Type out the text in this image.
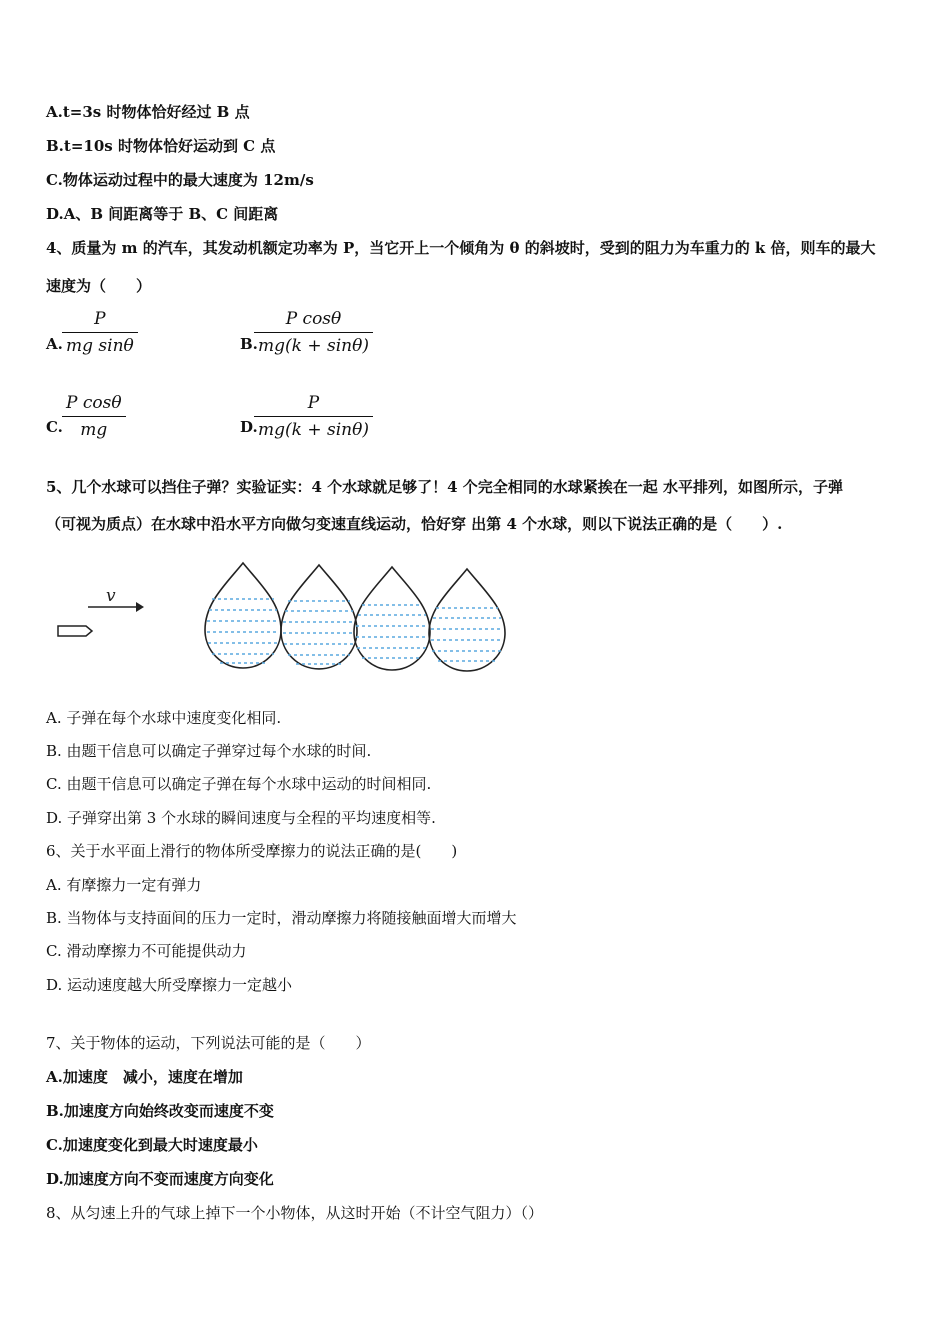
A.t=3s 时物体恰好经过 B 点
B.t=10s 时物体恰好运动到 C 点
C.物体运动过程中的最大速度为 12m/s
D.A、B 间距离等于 B、C 间距离
4、质量为 m 的汽车，其发动机额定功率为 P，当它开上一个倾角为 θ 的斜坡时，受到的阻力为车重力的 k 倍，则车的最大
速度为（　　）
A. $\frac{P}{\text{mg sinθ}}$	B.
$\frac{\text{P cosθ}}{mg(k + \sin\theta)}$
C. $\frac{\text{P cosθ}}{mg}$	D.
$\frac{P}{mg(k + \sin\theta)}$
5、几个水球可以挡住子弹？实验证实：4 个水球就足够了！4 个完全相同的水球紧挨在一起 水平排列，如图所示，子弹
（可视为质点）在水球中沿水平方向做匀变速直线运动，恰好穿 出第 4 个水球，则以下说法正确的是（　　）.
v
A. 子弹在每个水球中速度变化相同.
B. 由题干信息可以确定子弹穿过每个水球的时间.
C. 由题干信息可以确定子弹在每个水球中运动的时间相同.
D. 子弹穿出第 3 个水球的瞬间速度与全程的平均速度相等.
6、关于水平面上滑行的物体所受摩擦力的说法正确的是(　　)
A. 有摩擦力一定有弹力
B. 当物体与支持面间的压力一定时，滑动摩擦力将随接触面增大而增大
C. 滑动摩擦力不可能提供动力
D. 运动速度越大所受摩擦力一定越小
7、关于物体的运动，下列说法可能的是（　　）
A.加速度　减小，速度在增加
B.加速度方向始终改变而速度不变
C.加速度变化到最大时速度最小
D.加速度方向不变而速度方向变化
8、从匀速上升的气球上掉下一个小物体，从这时开始（不计空气阻力）（）
